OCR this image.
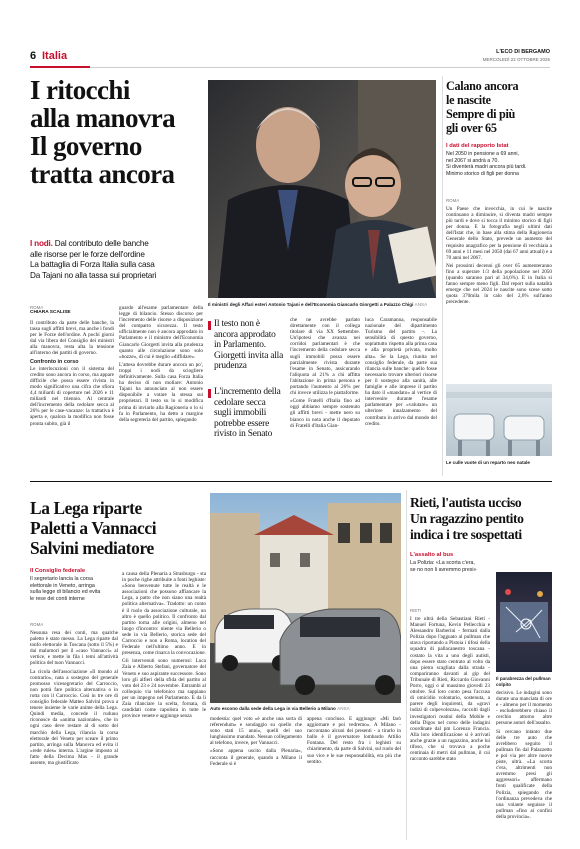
6 Italia	L'ECO DI BERGAMO
MERCOLEDÌ 22 OTTOBRE 2025
I ritocchi
alla manovra
Il governo
tratta ancora
I nodi. Dal contributo delle banche
alle risorse per le forze dell'ordine
La battaglia di Forza Italia sulla casa
Da Tajani no alla tassa sui proprietari
ROMA
CHIARA SCALISE

Il contributo da parte delle banche, la tassa sugli affitti brevi, ma anche i fondi per le Forze dell'ordine. A pochi giorni dal via libera del Consiglio dei ministri alla manovra, resta alta la tensione all'interno dei partiti di governo.

Confronto in corso

Le interlocuzioni con il sistema del credito sono ancora in corso, ma appare difficile che possa essere rivista in modo significativo una cifra che sfiora 4,4 miliardi di coperture nel 2026 e 11 miliardi nel triennio. Al centrale dell'incremento della cedolare secca al 26% per le case-vacanze: la trattativa è aperta e, qualora la modifica non fosse pronta subito, già il

guardo all'esame parlamentare della legge di bilancio. Stesso discorso per l'incremento delle risorse a disposizione del comparto sicurezza. Il testo ufficialmente non è ancora approdato in Parlamento e il ministro dell'Economia Giancarlo Giorgetti invita alla prudenza quanto alle circolazione sono solo «bozze», di cui è meglio «diffidare».

L'attesa dovrebbe durare ancora un po', troppi i nodi da sciogliere definitivamente. Sulla casa Forza Italia ha deciso di non mollare: Antonio Tajani ha annunciato al non essere disponibile a votare la stessa sui proprietari. Il testo su lo si modifica prima di inviarlo alla Ragioneria o lo si fa in Parlamento, ha detto a margine della segreteria del partito, spiegando

Il ministri degli Affari esteri Antonio Tajani e dell'Economia Giancarlo Giorgetti a Palazzo Chigi ANSA
Il testo non è ancora approdato in Parlamento. Giorgetti invita alla prudenza
L'incremento della cedolare secca sugli immobili potrebbe essere rivisto in Senato

che ne avrebbe parlato direttamente con il collega titolare di via XX Settembre. Un'ipotesi che avanza nei corridoi parlamentari è che l'incremento della cedolare secca sugli immobili possa essere parzialmente rivista durante l'esame in Senato, assicurando l'aliquota al 21% a chi affitta l'abitazione in prima persona e portando l'aumento al 26% per chi invece utilizza le piattaforme.

«Come Fratelli d'Italia fino ad oggi abbiamo sempre sostenuto gli affitti brevi - mette nero su bianco in nota anche il deputato di Fratelli d'Italia Gian-

luca Caramanna, responsabile nazionale del dipartimento Turismo del partito -. La sensibilità di questo governo, soprattutto rispetto alla prima casa e alla proprietà privata, molto alta». Se la Lega, riunita nel consiglio federale, da parte sua rilancia sulle banche: quello fosse necessario trovare ulteriori risorse per il sostegno alla sanità, alle famiglie e alle imprese il partito ha dato il «mandato» al vertice di intervenire durante l'esame parlamentare per «valutare» un ulteriore innalzamento del contributo in arrivo dal mondo del credito.

Calano ancora
le nascite
Sempre di più
gli over 65
I dati del rapporto Istat
Nel 2050 in pensione a 69 anni,
nel 2067 si andrà a 70.
Si diventerà madri ancora più tardi.
Minimo storico di figli per donna
ROMA

Un Paese che invecchia, in cui le nascite continuano a diminuire, si diventa madri sempre più tardi e dove si tocca il minimo storico di figli per donna. E la fotografia negli ultimi dati dell'Istat che, in base alla stima della Ragioneria Generale dello Stato, prevede un aumento del requisito anagrafico per la pensione di vecchiaia a 69 anni e 11 mesi nel 2050 (dai 67 anni attuali) e a 70 anni nel 2067.

Nei prossimi decenni gli over 65 aumenteranno fino a superare 1/3 della popolazione nel 2050 (quando saranno pari al 34,6%). E in Italia si fanno sempre meno figli. Dal report sulla natalità emerge che nel 2024 le nascite sono scese sotto quota 370mila in calo del 2,6% sull'anno precedente.

Le culle vuote di un reparto neo natale
La Lega riparte
Paletti a Vannacci
Salvini mediatore
Il Consiglio federale
Il segretario lancia la corsa
elettorale in Veneto, arringa
sulla legge di bilancio ed evita
le rese dei conti interne
ROMA

Nessuna resa dei conti, ma qualche paletto è stato messo. La Lega riparte dal tonfo elettorale in Toscana (sotto il 5%) e dai malumori per il «caso Vannacci» al vertice, e mette in fila i temi all'attività politica del tuon Vannacci.

La cicola dell'associazione «Il mondo al contrario», nata a sostegno del generale promosso vicesegretario del Carroccio, non potrà fare politica alternativa o in rotta con il Carroccio. Così in tre ore di consiglio federale Matteo Salvini prova a tenere insieme le varie anime della Lega. Quindi media, concede il ruduuu riconosce da «anima nazionale», che in ogni caso deve restare al di sotto del marchio della Lega, rilancia la corsa elettorale del Veneto per sceare il primo partito, arringa sulla Manovra ed evita il «rede rules» interna. L'argine imposto al fatto della Decima Mas - il grande assente, ma giustificato

a causa della Plenaria a Strasburgo - sta in poche righe attribuite a fonti leghiste: «Sono benvenute tutte le realtà e le associazioni che possono affiancare la Lega, a patto che non siano una realtà politica alternativa». Tradotto: un conto è il ruolo da associazione culturale, un altro è quello politico. Il confronto dal partito torna alle origini, almeno nel luogo d'incontro: niente via Bellerio o sede in via Bellerio, storica sede del Carroccio e non a Roma, location del Federale nell'ultimo anno. E in presenza, come rinarca la convocazione.

Gli intervenuti sono numerosi: Luca Zaia e Alberto Stefani, governatore del Veneto e suo aspirante successore. Sono loro gli alfieri della sfida del partito al voto del 23 e 24 novembre. Entrambi al colloquio via telefonico ma sappiano per un impegno nel Parlamento. E da lì Zaia rilanciare la scelta, fornata, di candidati come capolista in tutte le province venete e aggiunge senza

Auto escono dalla sede della Lega in via Bellerio a Milano ANSA

modestia: quel voto «è anche una sorta di referendum» e sondaggio su quello che sono stati 15 anni», quelli del suo lunghissimo mandato. Nessun collegamento al telefono, invece, per Vannacci.

«Sono appena uscito dalla Plenaria», racconta il generale, quando a Milano il Federale si è

appena concluso. E aggiunge: «Mi farò aggiornare e poi vedremo». A Milano - raccontano alcuni dei presenti - a tirarlo in ballo è il governatore lombardo Attilio Fontana. Del resto fra i leghisti su chiarimento, da parte di Salvini, sul ruolo del suo vice e le sue responsabilità, era più che sentito.

Rieti, l'autista ucciso
Un ragazzino pentito
indica i tre sospettati
L'assalto al bus
La Polizia: «La scorta c'era,
se no non li avremmo presi»
RIETI

I tre ultrà della Sebastiani Rieti - Manuel Fortuna, Kevin Pellecchia e Alessandro Barberini - fermati dalla Polizia dopo l'agguato al pullman che stava riportando a Pistoia i tifosi della squadra di pallacanestro toscana - costato la vita a uno degli autisti, dopo essere stato centrato al volto da una pietra scagliata dalla strada - compariranno davanti al gip del Tribunale di Rieti, Riccardo Giovanni Porro, oggi o al massimo giovedì 23 ottobre. Sul loro conto pesa l'accusa di omicidio volontario, sostenuta, a parere degli inquirenti, da «gravi indizi di colpevolezza», raccolti dagli investigatori reatini della Mobile e della Digos nel corso delle indagini coordinate dal pm Lorenzo Francia. Alla loro identificazione si è arrivati anche grazie a un ragazzino, anche lui tifoso, che si trovava a poche centinaia di metri dal pullman, il cui racconto sarebbe stato

Il parabrezza del pullman colpito

decisivo. Le indagini sono durate una manciata di ore e - almeno per il momento - escluderebbero chiaso il cerchio attorno altre persone autori dell'assalto.

Si cercano intanto due delle tre auto che avrebbero seguito il pullman fin dal Palazzetto e poi via per altre nuove piste, ultrà. «La scorta c'era, altrimenti non avremmo presi gli aggressori» affermano fonti qualificate della Polizia, spiegando che l'ordinanza prevedeva che una volante seguisse il pullman «fino ai confini della provincia».
